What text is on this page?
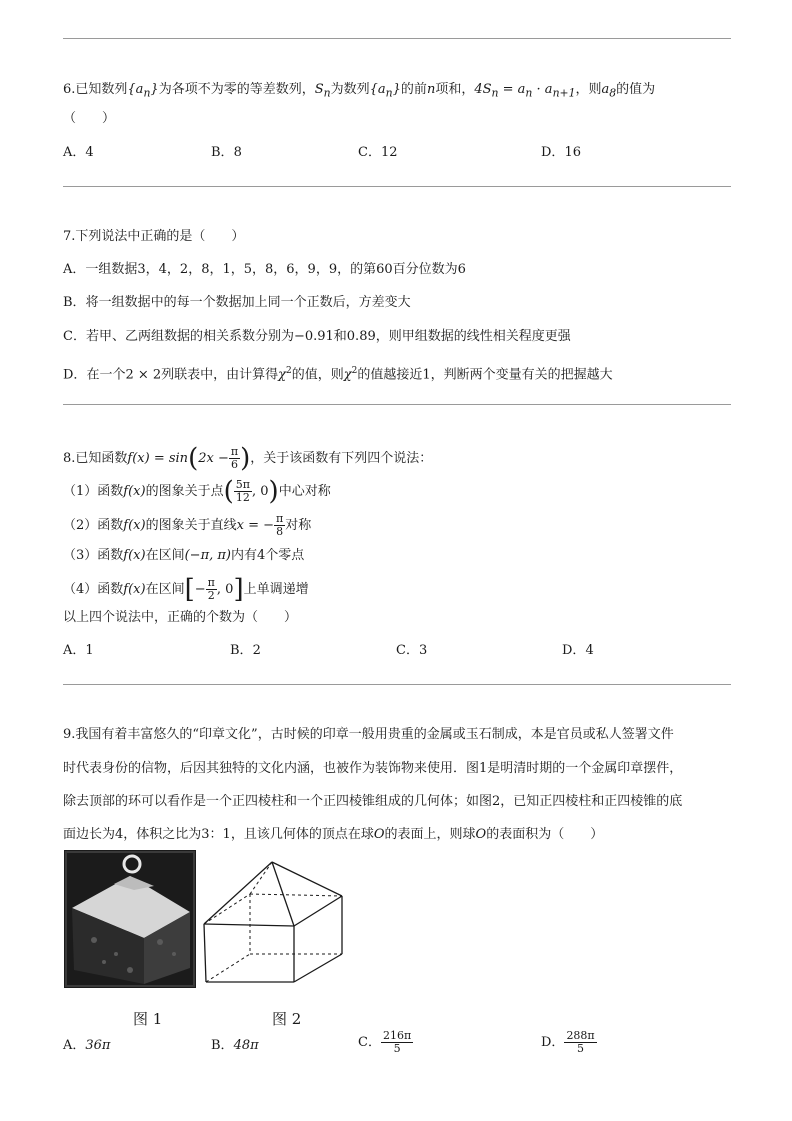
6.已知数列$\{a_n\}$为各项不为零的等差数列，$S_n$为数列$\{a_n\}$的前n项和，$4S_n = a_n \cdot a_{n+1}$，则$a_8$的值为
（　　）
A．4	B．8	C．12	D．16
7.下列说法中正确的是（　　）
A．一组数据3，4，2，8，1，5，8，6，9，9，的第60百分位数为6
B．将一组数据中的每一个数据加上同一个正数后，方差变大
C．若甲、乙两组数据的相关系数分别为−0.91和0.89，则甲组数据的线性相关程度更强
D．在一个2 × 2列联表中，由计算得$\chi^2$的值，则$\chi^2$的值越接近1，判断两个变量有关的把握越大
8.已知函数$f(x) = \sin(2x - \frac{\pi}{6}$ )，关于该函数有下列四个说法：
（1）函数f(x)的图象关于点( $\frac{5\pi}{12}$ , 0)中心对称
（2）函数f(x)的图象关于直线x = − $\frac{\pi}{8}$ 对称
（3）函数f(x)在区间(−π, π)内有4个零点
（4）函数f(x)在区间[− $\frac{\pi}{2}$ , 0]上单调递增
以上四个说法中，正确的个数为（　　）
A．1	B．2	C．3	D．4
9.我国有着丰富悠久的“印章文化”，古时候的印章一般用贵重的金属或玉石制成，本是官员或私人签署文件
时代表身份的信物，后因其独特的文化内涵，也被作为装饰物来使用．图1是明清时期的一个金属印章摆件，
除去顶部的环可以看作是一个正四棱柱和一个正四棱锥组成的几何体；如图2，已知正四棱柱和正四棱锥的底
面边长为4，体积之比为3：1，且该几何体的顶点在球O的表面上，则球O的表面积为（　　）
图 1	图 2
A．36π	B．48π	C． $\frac{216\pi}{5}$	D． $\frac{288\pi}{5}$
